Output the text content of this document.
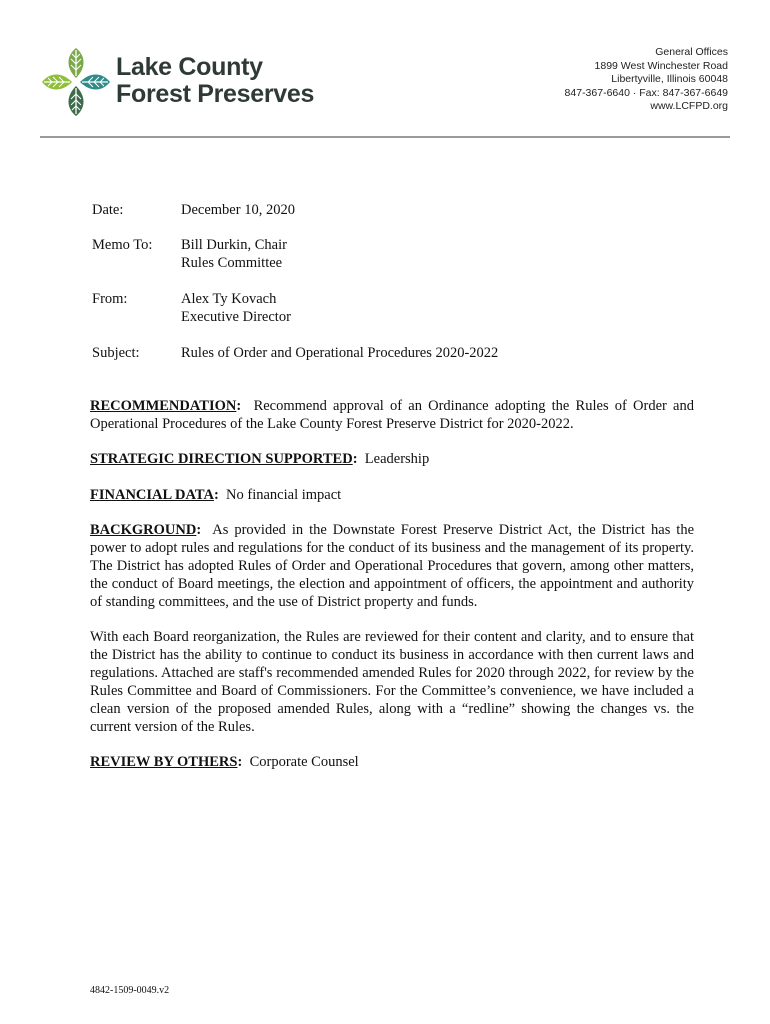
Lake County
Forest Preserves
General Offices
1899 West Winchester Road
Libertyville, Illinois 60048
847-367-6640 · Fax: 847-367-6649
www.LCFPD.org
Date:	December 10, 2020
Memo To: Bill Durkin, Chair
Rules Committee
From:	Alex Ty Kovach
Executive Director
Subject:	Rules of Order and Operational Procedures 2020-2022
RECOMMENDATION: Recommend approval of an Ordinance adopting the Rules of Order and Operational Procedures of the Lake County Forest Preserve District for 2020-2022.
STRATEGIC DIRECTION SUPPORTED: Leadership
FINANCIAL DATA: No financial impact
BACKGROUND: As provided in the Downstate Forest Preserve District Act, the District has the power to adopt rules and regulations for the conduct of its business and the management of its property. The District has adopted Rules of Order and Operational Procedures that govern, among other matters, the conduct of Board meetings, the election and appointment of officers, the appointment and authority of standing committees, and the use of District property and funds.
With each Board reorganization, the Rules are reviewed for their content and clarity, and to ensure that the District has the ability to continue to conduct its business in accordance with then current laws and regulations. Attached are staff's recommended amended Rules for 2020 through 2022, for review by the Rules Committee and Board of Commissioners. For the Committee’s convenience, we have included a clean version of the proposed amended Rules, along with a “redline” showing the changes vs. the current version of the Rules.
REVIEW BY OTHERS: Corporate Counsel
4842-1509-0049.v2
